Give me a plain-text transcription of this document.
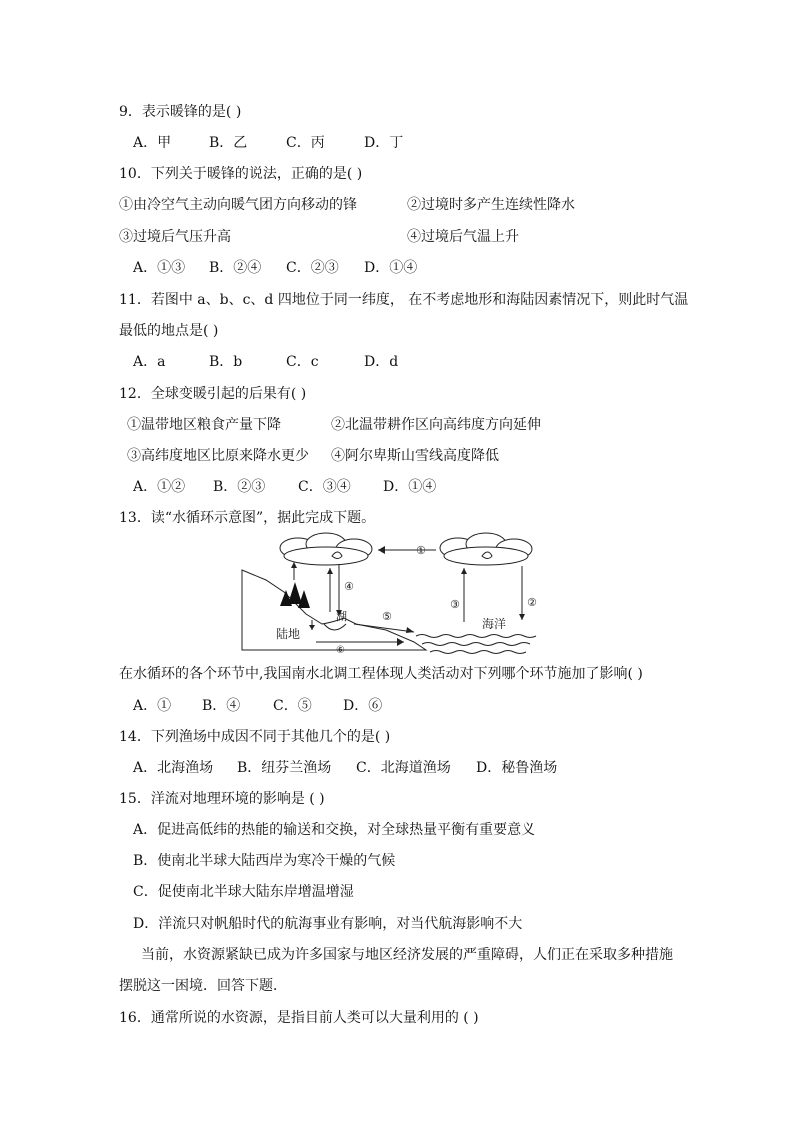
9．表示暖锋的是( )
A．甲	B．乙	C．丙	D．丁
10．下列关于暖锋的说法，正确的是( )
①由冷空气主动向暖气团方向移动的锋	②过境时多产生连续性降水
③过境后气压升高	④过境后气温上升
A．①③ B．②④ C．②③ D．①④
11．若图中 a、b、c、d 四地位于同一纬度， 在不考虑地形和海陆因素情况下，则此时气温
最低的地点是( )
A．a	B．b	C．c	D．d
12．全球变暖引起的后果有( )
①温带地区粮食产量下降	②北温带耕作区向高纬度方向延伸
③高纬度地区比原来降水更少 ④阿尔卑斯山雪线高度降低
A．①② B．②③ C．③④ D．①④
13．读“水循环示意图”，据此完成下题。
①
④
⑤
⑥
③	②
湖
陆地
海洋
在水循环的各个环节中,我国南水北调工程体现人类活动对下列哪个环节施加了影响( )
A．① B．④ C．⑤ D．⑥
14．下列渔场中成因不同于其他几个的是( )
A．北海渔场 B．纽芬兰渔场 C．北海道渔场 D．秘鲁渔场
15．洋流对地理环境的影响是 ( )
A．促进高低纬的热能的输送和交换，对全球热量平衡有重要意义
B．使南北半球大陆西岸为寒冷干燥的气候
C．促使南北半球大陆东岸增温增湿
D．洋流只对帆船时代的航海事业有影响，对当代航海影响不大
当前，水资源紧缺已成为许多国家与地区经济发展的严重障碍，人们正在采取多种措施
摆脱这一困境．回答下题．
16．通常所说的水资源，是指目前人类可以大量利用的 ( )
